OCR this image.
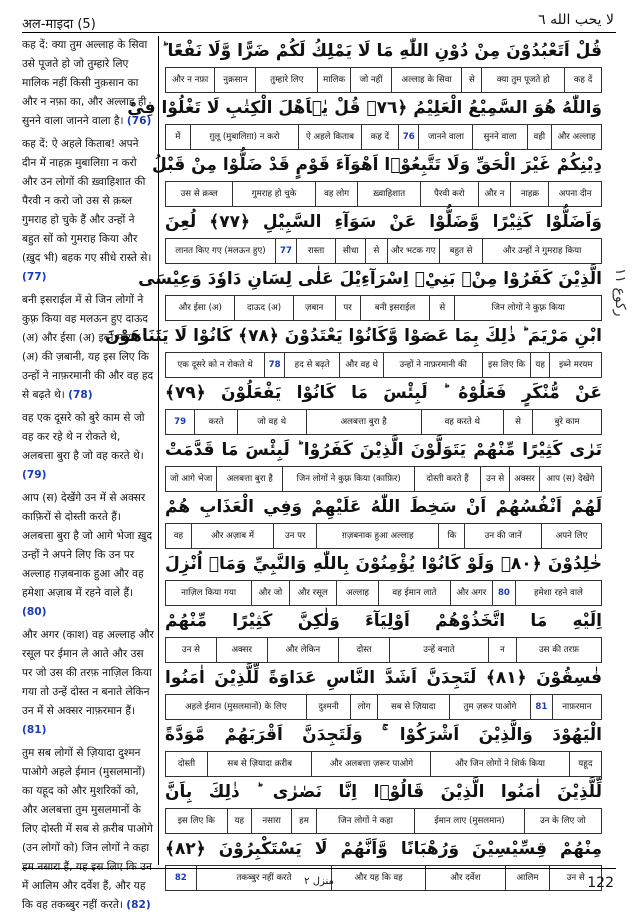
अल-माइदा (5)	لا يحب الله ٦

कह दें: क्या तुम अल्लाह के सिवा उसे पूजते हो जो तुम्हारे लिए मालिक नहीं किसी नुक़सान का और न नफ़ा का, और अल्लाह ही सुनने वाला जानने वाला है। (76)

कह दें: ऐ अहले किताब! अपने दीन में नाहक़ मुबालिग़ा न करो और उन लोगों की ख़्वाहिशात की पैरवी न करो जो उस से क़ब्ल गुमराह हो चुके हैं और उन्हों ने बहुत सों को गुमराह किया और (ख़ुद भी) बहक गए सीधे रास्ते से। (77)

बनी इसराईल में से जिन लोगों ने कुफ़्र किया वह मलऊन हुए दाऊद (अ) और ईसा (अ) इब्ने मरयम (अ) की ज़बानी, यह इस लिए कि उन्हों ने नाफ़रमानी की और वह हद से बढ़ते थे। (78)

वह एक दूसरे को बुरे काम से जो वह कर रहे थे न रोकते थे, अलबत्ता बुरा है जो वह करते थे। (79)

आप (स) देखेंगे उन में से अक्सर काफ़िरों से दोस्ती करते हैं। अलबत्ता बुरा है जो आगे भेजा ख़ुद उन्हों ने अपने लिए कि उन पर अल्लाह ग़ज़बनाक हुआ और वह हमेशा अज़ाब में रहने वाले हैं। (80)

और अगर (काश) वह अल्लाह और रसूल पर ईमान ले आते और उस पर जो उस की तरफ़ नाज़िल किया गया तो उन्हें दोस्त न बनाते लेकिन उन में से अक्सर नाफ़रमान हैं। (81)

तुम सब लोगों से ज़ियादा दुश्मन पाओगे अहले ईमान (मुसलमानों) का यहूद को और मुशरिकों को, और अलबत्ता तुम मुसलमानों के लिए दोस्ती में सब से क़रीब पाओगे (उन लोगों को) जिन लोगों ने कहा हम नसारा हैं, यह इस लिए कि उन में आलिम और दर्वेश हैं, और यह कि वह तकब्बुर नहीं करते। (82)

قُلْ اَتَعْبُدُوْنَ مِنْ دُوْنِ اللّٰهِ مَا لَا يَمْلِكُ لَكُمْ ضَرًّا وَّلَا نَفْعًا ؕ
कह दें
क्या तुम पूजते हो
से
अल्लाह के सिवा
जो नहीं
मालिक
तुम्हारे लिए
नुक़सान
और न नफ़ा
وَاللّٰهُ هُوَ السَّمِيْعُ الْعَلِيْمُ ﴿٧٦﴾ قُلْ يٰۤاَهْلَ الْكِتٰبِ لَا تَغْلُوْا فِيْ
और अल्लाह
वही
सुनने वाला
जानने वाला
76
कह दें
ऐ अहले किताब
ग़ुलू (मुबालिग़ा) न करो
में
دِيْنِكُمْ غَيْرَ الْحَقِّ وَلَا تَتَّبِعُوْۤا اَهْوَآءَ قَوْمٍ قَدْ ضَلُّوْا مِنْ قَبْلُ
अपना दीन
नाहक़
और न
पैरवी करो
ख़्वाहिशात
वह लोग
गुमराह हो चुके
उस से क़ब्ल
وَاَضَلُّوْا كَثِيْرًا وَّضَلُّوْا عَنْ سَوَآءِ السَّبِيْلِ ﴿٧٧﴾ لُعِنَ
और उन्हों ने गुमराह किया
बहुत से
और भटक गए
से
सीधा
रास्ता
77
लानत किए गए (मलऊन हुए)
الَّذِيْنَ كَفَرُوْا مِنْۢ بَنِيْۤ اِسْرَآءِيْلَ عَلٰى لِسَانِ دَاوٗدَ وَعِيْسَى
जिन लोगों ने कुफ़्र किया
से
बनी इसराईल
पर
ज़बान
दाऊद (अ)
और ईसा (अ)
ابْنِ مَرْيَمَ ؕ ذٰلِكَ بِمَا عَصَوْا وَّكَانُوْا يَعْتَدُوْنَ ﴿٧٨﴾ كَانُوْا لَا يَتَنَاهَوْنَ
इब्ने मरयम
यह
इस लिए कि
उन्हों ने नाफ़रमानी की
और वह थे
हद से बढ़ते
78
एक दूसरे को न रोकते थे
عَنْ مُّنْكَرٍ فَعَلُوْهُ ؕ لَبِئْسَ مَا كَانُوْا يَفْعَلُوْنَ ﴿٧٩﴾
बुरे काम
से
वह करते थे
अलबत्ता बुरा है
जो वह थे
करते
79
تَرٰى كَثِيْرًا مِّنْهُمْ يَتَوَلَّوْنَ الَّذِيْنَ كَفَرُوْا ؕ لَبِئْسَ مَا قَدَّمَتْ
आप (स) देखेंगे
अक्सर
उन से
दोस्ती करते हैं
जिन लोगों ने कुफ़्र किया (काफ़िर)
अलबत्ता बुरा है
जो आगे भेजा
لَهُمْ اَنْفُسُهُمْ اَنْ سَخِطَ اللّٰهُ عَلَيْهِمْ وَفِي الْعَذَابِ هُمْ
अपने लिए
उन की जानें
कि
ग़ज़बनाक हुआ अल्लाह
उन पर
और अज़ाब में
वह
خٰلِدُوْنَ ﴿٨٠﴾ وَلَوْ كَانُوْا يُؤْمِنُوْنَ بِاللّٰهِ وَالنَّبِيِّ وَمَاۤ اُنْزِلَ
हमेशा रहने वाले
80
और अगर
वह ईमान लाते
अल्लाह
और रसूल
और जो
नाज़िल किया गया
اِلَيْهِ مَا اتَّخَذُوْهُمْ اَوْلِيَآءَ وَلٰكِنَّ كَثِيْرًا مِّنْهُمْ
उस की तरफ़
न
उन्हें बनाते
दोस्त
और लेकिन
अक्सर
उन से
فٰسِقُوْنَ ﴿٨١﴾ لَتَجِدَنَّ اَشَدَّ النَّاسِ عَدَاوَةً لِّلَّذِيْنَ اٰمَنُوا
नाफ़रमान
81
तुम ज़रूर पाओगे
सब से ज़ियादा
लोग
दुश्मनी
अहले ईमान (मुसलमानों) के लिए
الْيَهُوْدَ وَالَّذِيْنَ اَشْرَكُوْا ۚ وَلَتَجِدَنَّ اَقْرَبَهُمْ مَّوَدَّةً
यहूद
और जिन लोगों ने शिर्क किया
और अलबत्ता ज़रूर पाओगे
सब से ज़ियादा क़रीब
दोस्ती
لِّلَّذِيْنَ اٰمَنُوا الَّذِيْنَ قَالُوْۤا اِنَّا نَصٰرٰى ؕ ذٰلِكَ بِاَنَّ
उन के लिए जो
ईमान लाए (मुसलमान)
जिन लोगों ने कहा
हम
नसारा
यह
इस लिए कि
مِنْهُمْ قِسِّيْسِيْنَ وَرُهْبَانًا وَّاَنَّهُمْ لَا يَسْتَكْبِرُوْنَ ﴿٨٢﴾
उन से
आलिम
और दर्वेश
और यह कि वह
तकब्बुर नहीं करते
82
ركوع ١١
منزل ٢	122
